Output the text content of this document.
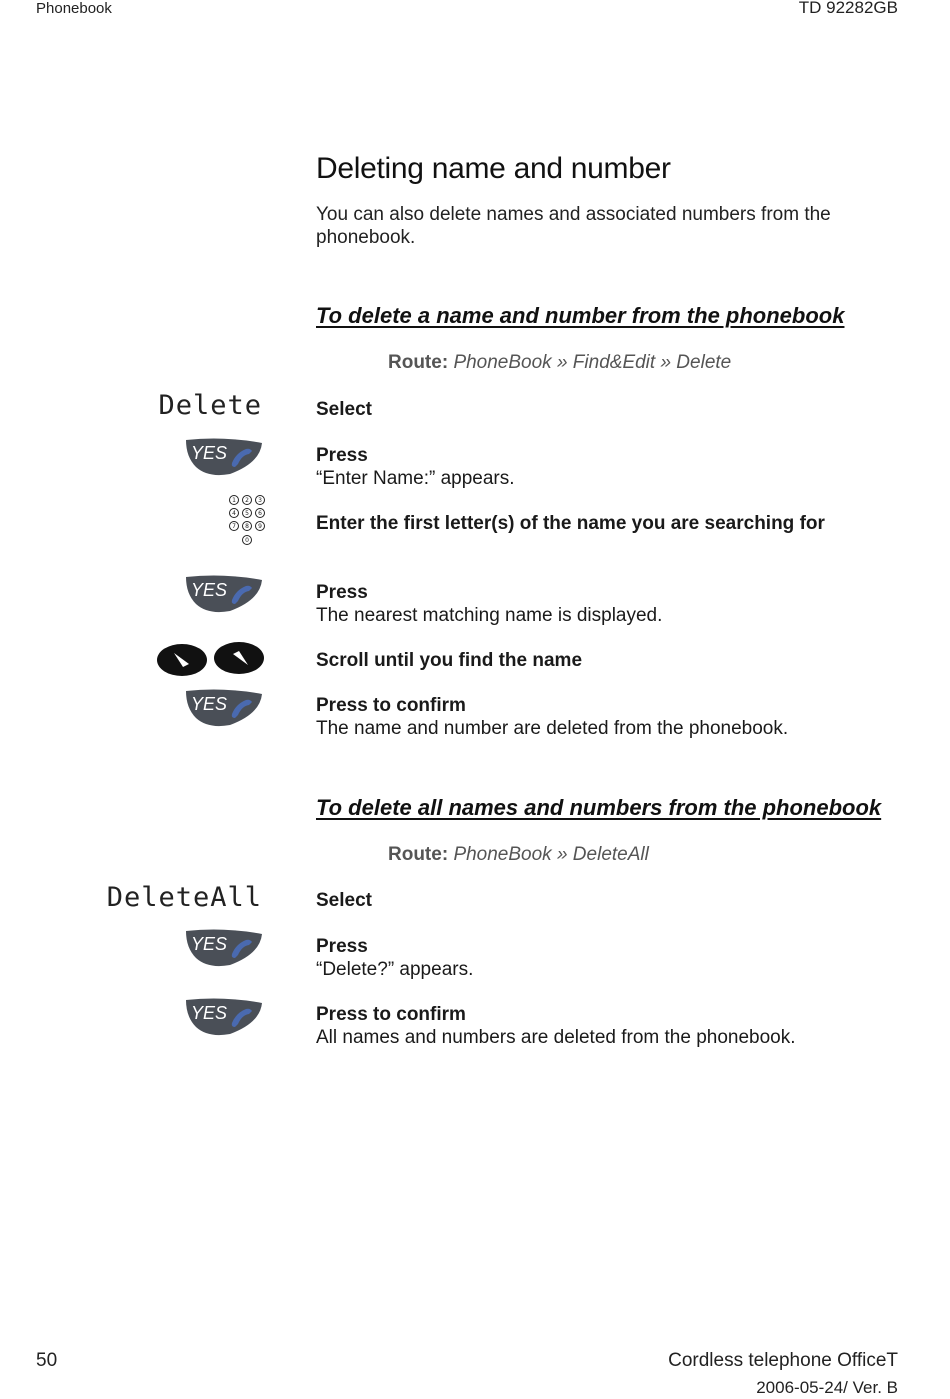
Phonebook	TD 92282GB
Deleting name and number
You can also delete names and associated numbers from the phonebook.
To delete a name and number from the phonebook
Route: PhoneBook » Find&Edit » Delete
Delete	Select
YES	Press
“Enter Name:” appears.
1 2 3
4 5 6
7 8 9
0
Enter the first letter(s) of the name you are searching for
YES	Press
The nearest matching name is displayed.
Scroll until you find the name
YES	Press to confirm
The name and number are deleted from the phonebook.
To delete all names and numbers from the phonebook
Route: PhoneBook » DeleteAll
DeleteAll	Select
YES	Press
“Delete?” appears.
YES	Press to confirm
All names and numbers are deleted from the phonebook.
50	Cordless telephone OfficeT
2006-05-24/ Ver. B
